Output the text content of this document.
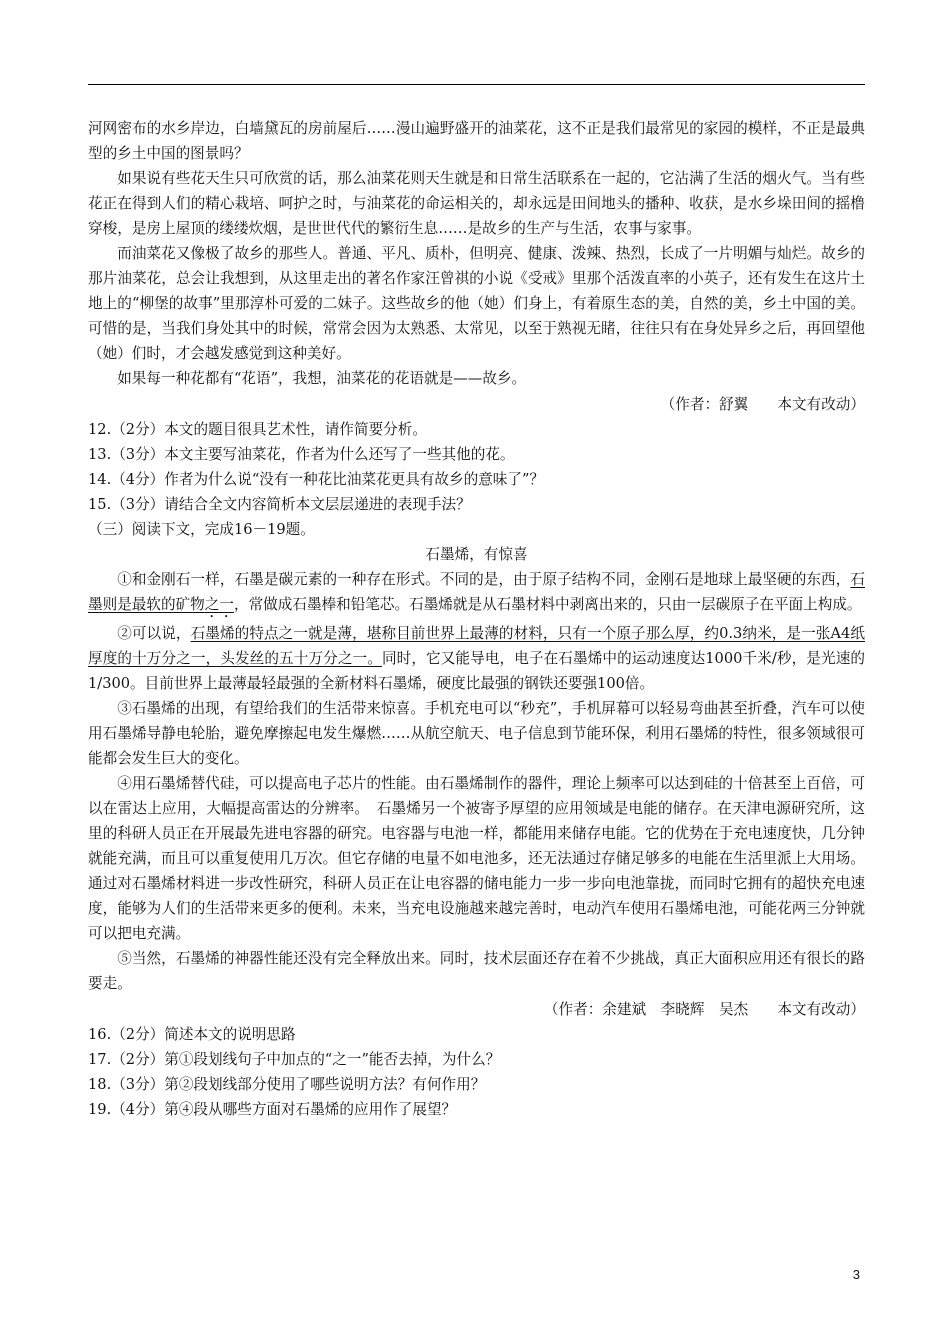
河网密布的水乡岸边，白墙黛瓦的房前屋后……漫山遍野盛开的油菜花，这不正是我们最常见的家园的模样，不正是最典型的乡土中国的图景吗？

如果说有些花天生只可欣赏的话，那么油菜花则天生就是和日常生活联系在一起的，它沾满了生活的烟火气。当有些花正在得到人们的精心栽培、呵护之时，与油菜花的命运相关的，却永远是田间地头的播种、收获，是水乡垛田间的摇橹穿梭，是房上屋顶的缕缕炊烟，是世世代代的繁衍生息……是故乡的生产与生活，农事与家事。

而油菜花又像极了故乡的那些人。普通、平凡、质朴，但明亮、健康、泼辣、热烈，长成了一片明媚与灿烂。故乡的那片油菜花，总会让我想到，从这里走出的著名作家汪曾祺的小说《受戒》里那个活泼直率的小英子，还有发生在这片土地上的“柳堡的故事”里那淳朴可爱的二妹子。这些故乡的他（她）们身上，有着原生态的美，自然的美，乡土中国的美。可惜的是，当我们身处其中的时候，常常会因为太熟悉、太常见，以至于熟视无睹，往往只有在身处异乡之后，再回望他（她）们时，才会越发感觉到这种美好。

如果每一种花都有“花语”，我想，油菜花的花语就是——故乡。

（作者：舒翼　　本文有改动）

12.（2分）本文的题目很具艺术性，请作简要分析。

13.（3分）本文主要写油菜花，作者为什么还写了一些其他的花。

14.（4分）作者为什么说“没有一种花比油菜花更具有故乡的意味了”？

15.（3分）请结合全文内容简析本文层层递进的表现手法？

（三）阅读下文，完成16－19题。

石墨烯，有惊喜

①和金刚石一样，石墨是碳元素的一种存在形式。不同的是，由于原子结构不同，金刚石是地球上最坚硬的东西，石墨则是最软的矿物之一，常做成石墨棒和铅笔芯。石墨烯就是从石墨材料中剥离出来的，只由一层碳原子在平面上构成。

②可以说，石墨烯的特点之一就是薄，堪称目前世界上最薄的材料，只有一个原子那么厚，约0.3纳米，是一张A4纸厚度的十万分之一，头发丝的五十万分之一。同时，它又能导电，电子在石墨烯中的运动速度达1000千米/秒，是光速的1/300。目前世界上最薄最轻最强的全新材料石墨烯，硬度比最强的钢铁还要强100倍。

③石墨烯的出现，有望给我们的生活带来惊喜。手机充电可以“秒充”，手机屏幕可以轻易弯曲甚至折叠，汽车可以使用石墨烯导静电轮胎，避免摩擦起电发生爆燃……从航空航天、电子信息到节能环保，利用石墨烯的特性，很多领域很可能都会发生巨大的变化。

④用石墨烯替代硅，可以提高电子芯片的性能。由石墨烯制作的器件，理论上频率可以达到硅的十倍甚至上百倍，可以在雷达上应用，大幅提高雷达的分辨率。　石墨烯另一个被寄予厚望的应用领域是电能的储存。在天津电源研究所，这里的科研人员正在开展最先进电容器的研究。电容器与电池一样，都能用来储存电能。它的优势在于充电速度快，几分钟就能充满，而且可以重复使用几万次。但它存储的电量不如电池多，还无法通过存储足够多的电能在生活里派上大用场。通过对石墨烯材料进一步改性研究，科研人员正在让电容器的储电能力一步一步向电池靠拢，而同时它拥有的超快充电速度，能够为人们的生活带来更多的便利。未来，当充电设施越来越完善时，电动汽车使用石墨烯电池，可能花两三分钟就可以把电充满。

⑤当然，石墨烯的神器性能还没有完全释放出来。同时，技术层面还存在着不少挑战，真正大面积应用还有很长的路要走。

（作者：余建斌　李晓辉　吴杰　　本文有改动）

16.（2分）简述本文的说明思路

17.（2分）第①段划线句子中加点的“之一”能否去掉，为什么？

18.（3分）第②段划线部分使用了哪些说明方法？有何作用？

19.（4分）第④段从哪些方面对石墨烯的应用作了展望？

3
